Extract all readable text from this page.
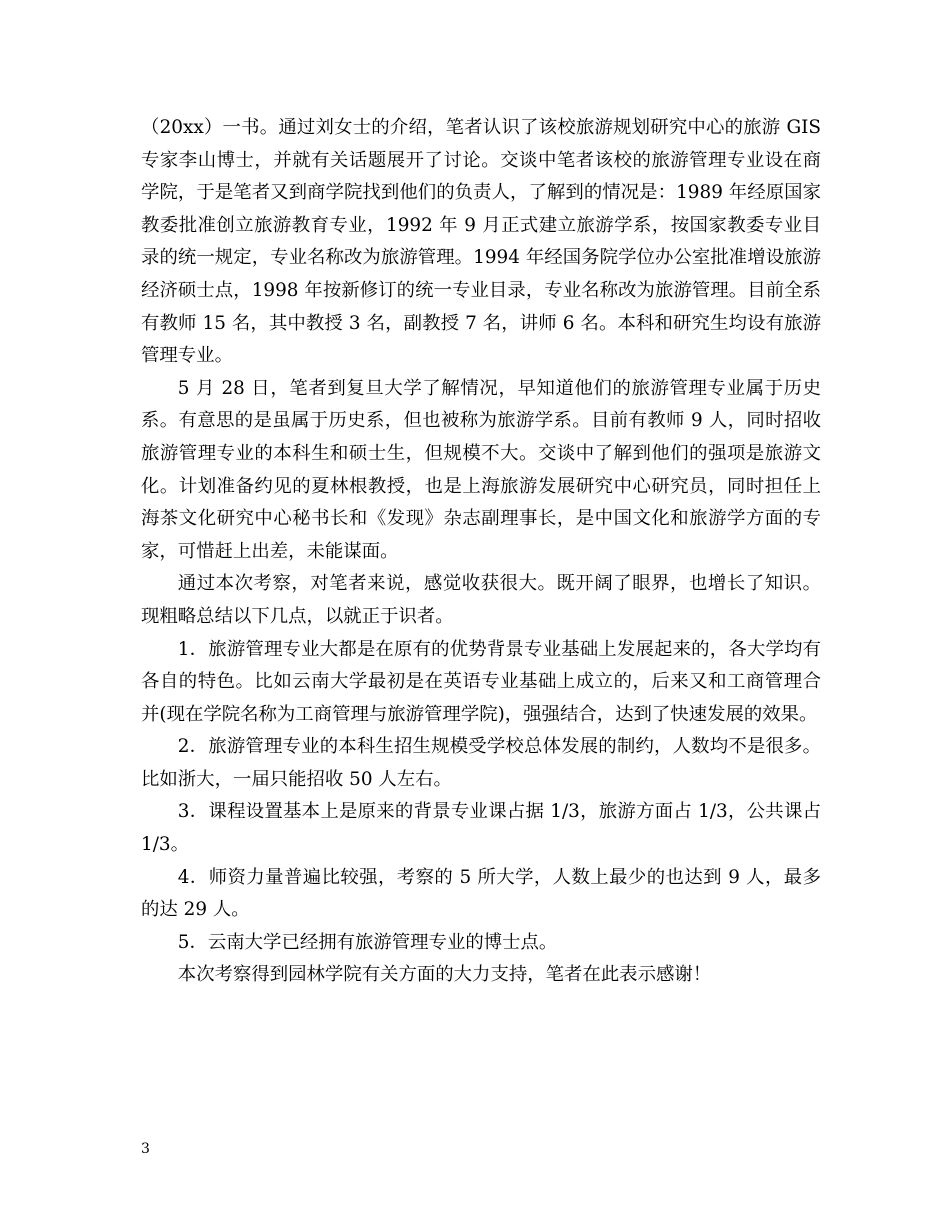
（20xx）一书。通过刘女士的介绍，笔者认识了该校旅游规划研究中心的旅游 GIS 专家李山博士，并就有关话题展开了讨论。交谈中笔者该校的旅游管理专业设在商学院，于是笔者又到商学院找到他们的负责人，了解到的情况是：1989 年经原国家教委批准创立旅游教育专业，1992 年 9 月正式建立旅游学系，按国家教委专业目录的统一规定，专业名称改为旅游管理。1994 年经国务院学位办公室批准增设旅游经济硕士点，1998 年按新修订的统一专业目录，专业名称改为旅游管理。目前全系有教师 15 名，其中教授 3 名，副教授 7 名，讲师 6 名。本科和研究生均设有旅游管理专业。

5 月 28 日，笔者到复旦大学了解情况，早知道他们的旅游管理专业属于历史系。有意思的是虽属于历史系，但也被称为旅游学系。目前有教师 9 人，同时招收旅游管理专业的本科生和硕士生，但规模不大。交谈中了解到他们的强项是旅游文化。计划准备约见的夏林根教授，也是上海旅游发展研究中心研究员，同时担任上海茶文化研究中心秘书长和《发现》杂志副理事长，是中国文化和旅游学方面的专家，可惜赶上出差，未能谋面。

通过本次考察，对笔者来说，感觉收获很大。既开阔了眼界，也增长了知识。现粗略总结以下几点，以就正于识者。

1．旅游管理专业大都是在原有的优势背景专业基础上发展起来的，各大学均有各自的特色。比如云南大学最初是在英语专业基础上成立的，后来又和工商管理合并(现在学院名称为工商管理与旅游管理学院)，强强结合，达到了快速发展的效果。

2．旅游管理专业的本科生招生规模受学校总体发展的制约，人数均不是很多。比如浙大，一届只能招收 50 人左右。

3．课程设置基本上是原来的背景专业课占据 1/3，旅游方面占 1/3，公共课占 1/3。

4．师资力量普遍比较强，考察的 5 所大学，人数上最少的也达到 9 人，最多的达 29 人。

5．云南大学已经拥有旅游管理专业的博士点。

本次考察得到园林学院有关方面的大力支持，笔者在此表示感谢！

3
